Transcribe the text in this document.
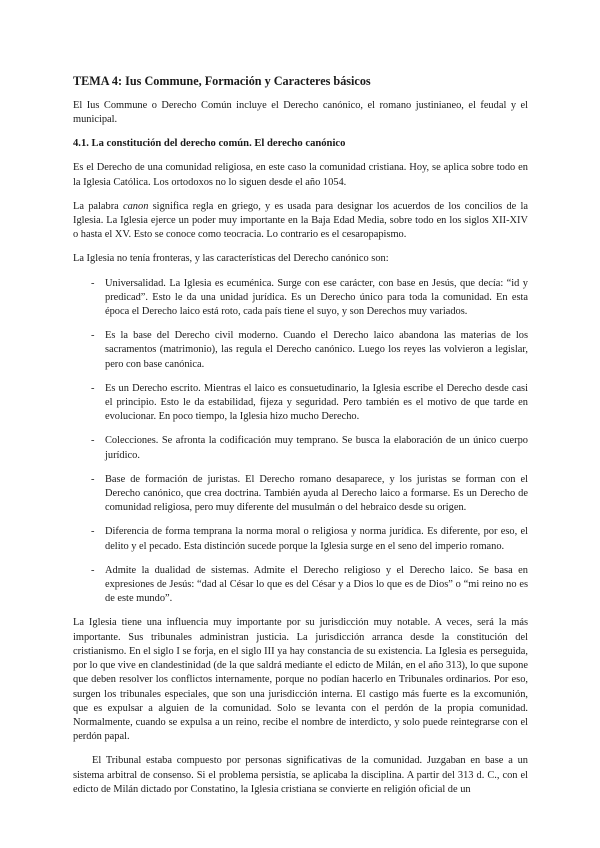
TEMA 4: Ius Commune, Formación y Caracteres básicos

El Ius Commune o Derecho Común incluye el Derecho canónico, el romano justinianeo, el feudal y el municipal.

4.1. La constitución del derecho común. El derecho canónico

Es el Derecho de una comunidad religiosa, en este caso la comunidad cristiana. Hoy, se aplica sobre todo en la Iglesia Católica. Los ortodoxos no lo siguen desde el año 1054.

La palabra canon significa regla en griego, y es usada para designar los acuerdos de los concilios de la Iglesia. La Iglesia ejerce un poder muy importante en la Baja Edad Media, sobre todo en los siglos XII-XIV o hasta el XV. Esto se conoce como teocracia. Lo contrario es el cesaropapismo.

La Iglesia no tenía fronteras, y las características del Derecho canónico son:

- Universalidad. La Iglesia es ecuménica. Surge con ese carácter, con base en Jesús, que decía: “id y predicad”. Esto le da una unidad jurídica. Es un Derecho único para toda la comunidad. En esta época el Derecho laico está roto, cada país tiene el suyo, y son Derechos muy variados.
- Es la base del Derecho civil moderno. Cuando el Derecho laico abandona las materias de los sacramentos (matrimonio), las regula el Derecho canónico. Luego los reyes las volvieron a legislar, pero con base canónica.
- Es un Derecho escrito. Mientras el laico es consuetudinario, la Iglesia escribe el Derecho desde casi el principio. Esto le da estabilidad, fijeza y seguridad. Pero también es el motivo de que tarde en evolucionar. En poco tiempo, la Iglesia hizo mucho Derecho.
- Colecciones. Se afronta la codificación muy temprano. Se busca la elaboración de un único cuerpo jurídico.
- Base de formación de juristas. El Derecho romano desaparece, y los juristas se forman con el Derecho canónico, que crea doctrina. También ayuda al Derecho laico a formarse. Es un Derecho de comunidad religiosa, pero muy diferente del musulmán o del hebraico desde su origen.
- Diferencia de forma temprana la norma moral o religiosa y norma jurídica. Es diferente, por eso, el delito y el pecado. Esta distinción sucede porque la Iglesia surge en el seno del imperio romano.
- Admite la dualidad de sistemas. Admite el Derecho religioso y el Derecho laico. Se basa en expresiones de Jesús: “dad al César lo que es del César y a Dios lo que es de Dios” o “mi reino no es de este mundo”.

La Iglesia tiene una influencia muy importante por su jurisdicción muy notable. A veces, será la más importante. Sus tribunales administran justicia. La jurisdicción arranca desde la constitución del cristianismo. En el siglo I se forja, en el siglo III ya hay constancia de su existencia. La Iglesia es perseguida, por lo que vive en clandestinidad (de la que saldrá mediante el edicto de Milán, en el año 313), lo que supone que deben resolver los conflictos internamente, porque no podían hacerlo en Tribunales ordinarios. Por eso, surgen los tribunales especiales, que son una jurisdicción interna. El castigo más fuerte es la excomunión, que es expulsar a alguien de la comunidad. Solo se levanta con el perdón de la propia comunidad. Normalmente, cuando se expulsa a un reino, recibe el nombre de interdicto, y solo puede reintegrarse con el perdón papal.

El Tribunal estaba compuesto por personas significativas de la comunidad. Juzgaban en base a un sistema arbitral de consenso. Si el problema persistía, se aplicaba la disciplina. A partir del 313 d. C., con el edicto de Milán dictado por Constatino, la Iglesia cristiana se convierte en religión oficial de un
